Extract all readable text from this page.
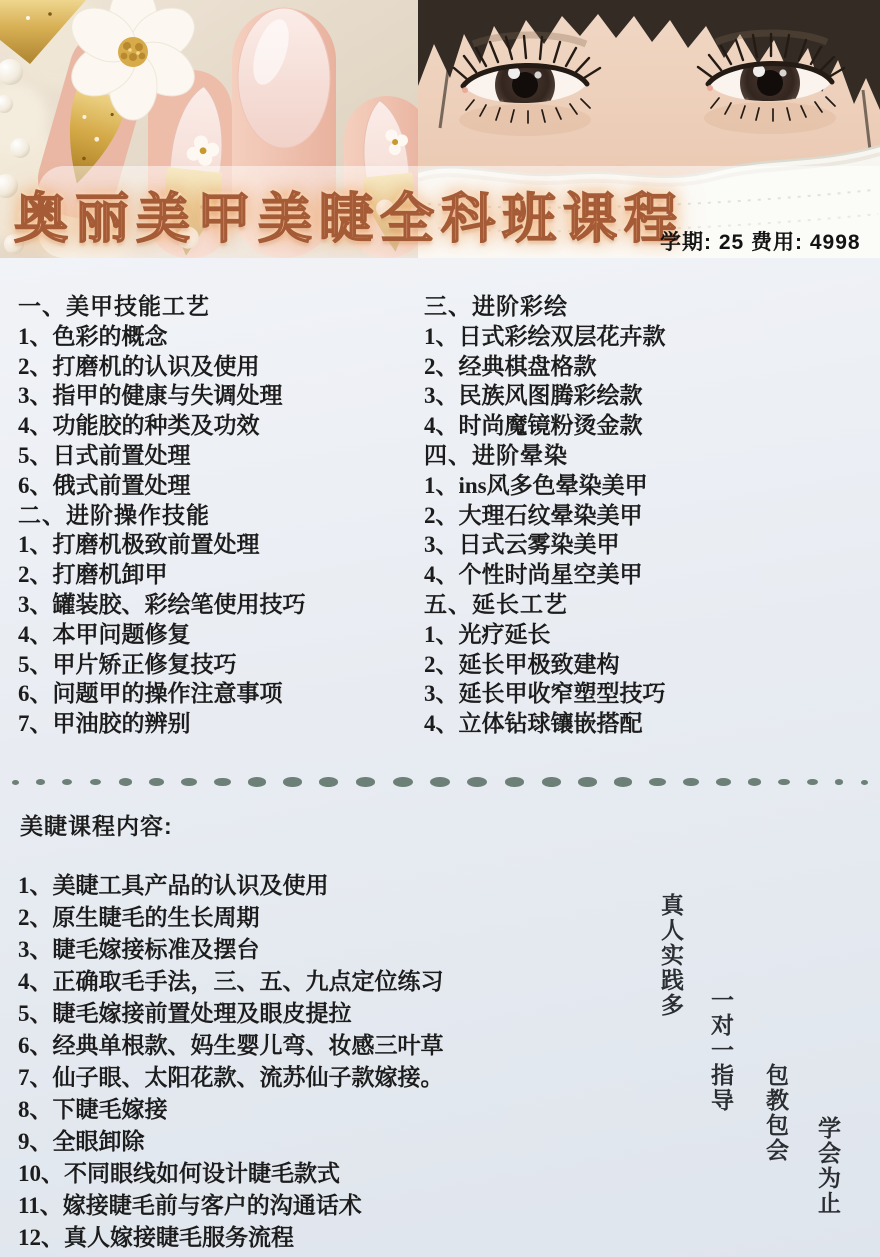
奥丽美甲美睫全科班课程
学期: 25 费用: 4998
一、美甲技能工艺
1、色彩的概念
2、打磨机的认识及使用
3、指甲的健康与失调处理
4、功能胶的种类及功效
5、日式前置处理
6、俄式前置处理
二、进阶操作技能
1、打磨机极致前置处理
2、打磨机卸甲
3、罐装胶、彩绘笔使用技巧
4、本甲问题修复
5、甲片矫正修复技巧
6、问题甲的操作注意事项
7、甲油胶的辨别
三、进阶彩绘
1、日式彩绘双层花卉款
2、经典棋盘格款
3、民族风图腾彩绘款
4、时尚魔镜粉烫金款
四、进阶晕染
1、ins风多色晕染美甲
2、大理石纹晕染美甲
3、日式云雾染美甲
4、个性时尚星空美甲
五、延长工艺
1、光疗延长
2、延长甲极致建构
3、延长甲收窄塑型技巧
4、立体钻球镶嵌搭配
美睫课程内容:
1、美睫工具产品的认识及使用
2、原生睫毛的生长周期
3、睫毛嫁接标准及摆台
4、正确取毛手法，三、五、九点定位练习
5、睫毛嫁接前置处理及眼皮提拉
6、经典单根款、妈生婴儿弯、妆感三叶草
7、仙子眼、太阳花款、流苏仙子款嫁接。
8、下睫毛嫁接
9、全眼卸除
10、不同眼线如何设计睫毛款式
11、嫁接睫毛前与客户的沟通话术
12、真人嫁接睫毛服务流程
真人实践多
一对一指导 包教包会
学会为止
